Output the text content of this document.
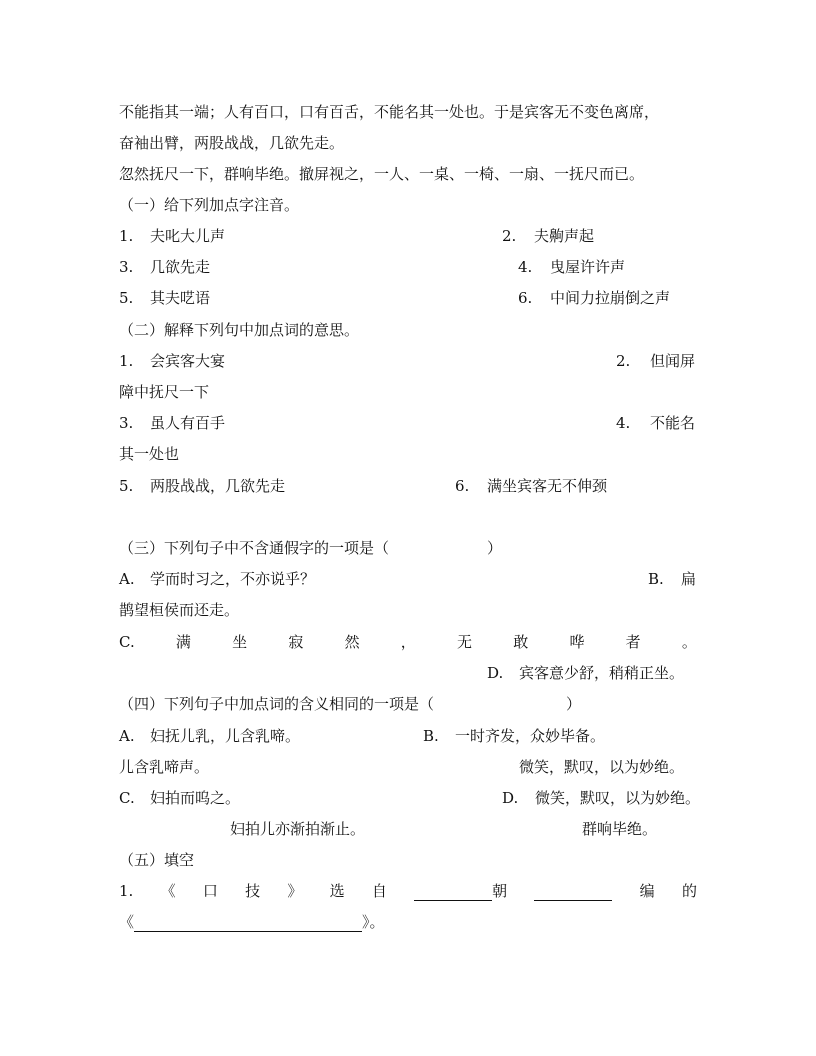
不能指其一端；人有百口，口有百舌，不能名其一处也。于是宾客无不变色离席，
奋袖出臂，两股战战，几欲先走。
忽然抚尺一下，群响毕绝。撤屏视之，一人、一桌、一椅、一扇、一抚尺而已。
（一）给下列加点字注音。
1. 夫叱大儿声	2. 夫齁声起
3. 几欲先走	4. 曳屋许许声
5. 其夫呓语	6. 中间力拉崩倒之声
（二）解释下列句中加点词的意思。
1. 会宾客大宴	2. 但闻屏
障中抚尺一下
3. 虽人有百手	4. 不能名
其一处也
5. 两股战战，几欲先走	6. 满坐宾客无不伸颈
（三）下列句子中不含通假字的一项是（	）
A. 学而时习之，不亦说乎？	B. 扁
鹊望桓侯而还走。
C.	满	坐	寂	然	，	无	敢	哗	者	。
D. 宾客意少舒，稍稍正坐。
（四）下列句子中加点词的含义相同的一项是（	）
A. 妇抚儿乳，儿含乳啼。	B. 一时齐发，众妙毕备。
儿含乳啼声。	微笑，默叹，以为妙绝。
C. 妇拍而呜之。	D. 微笑，默叹，以为妙绝。
妇拍儿亦渐拍渐止。	群响毕绝。
（五）填空
1. 《 口 技 》 选 自	朝	编 的
《	》。
